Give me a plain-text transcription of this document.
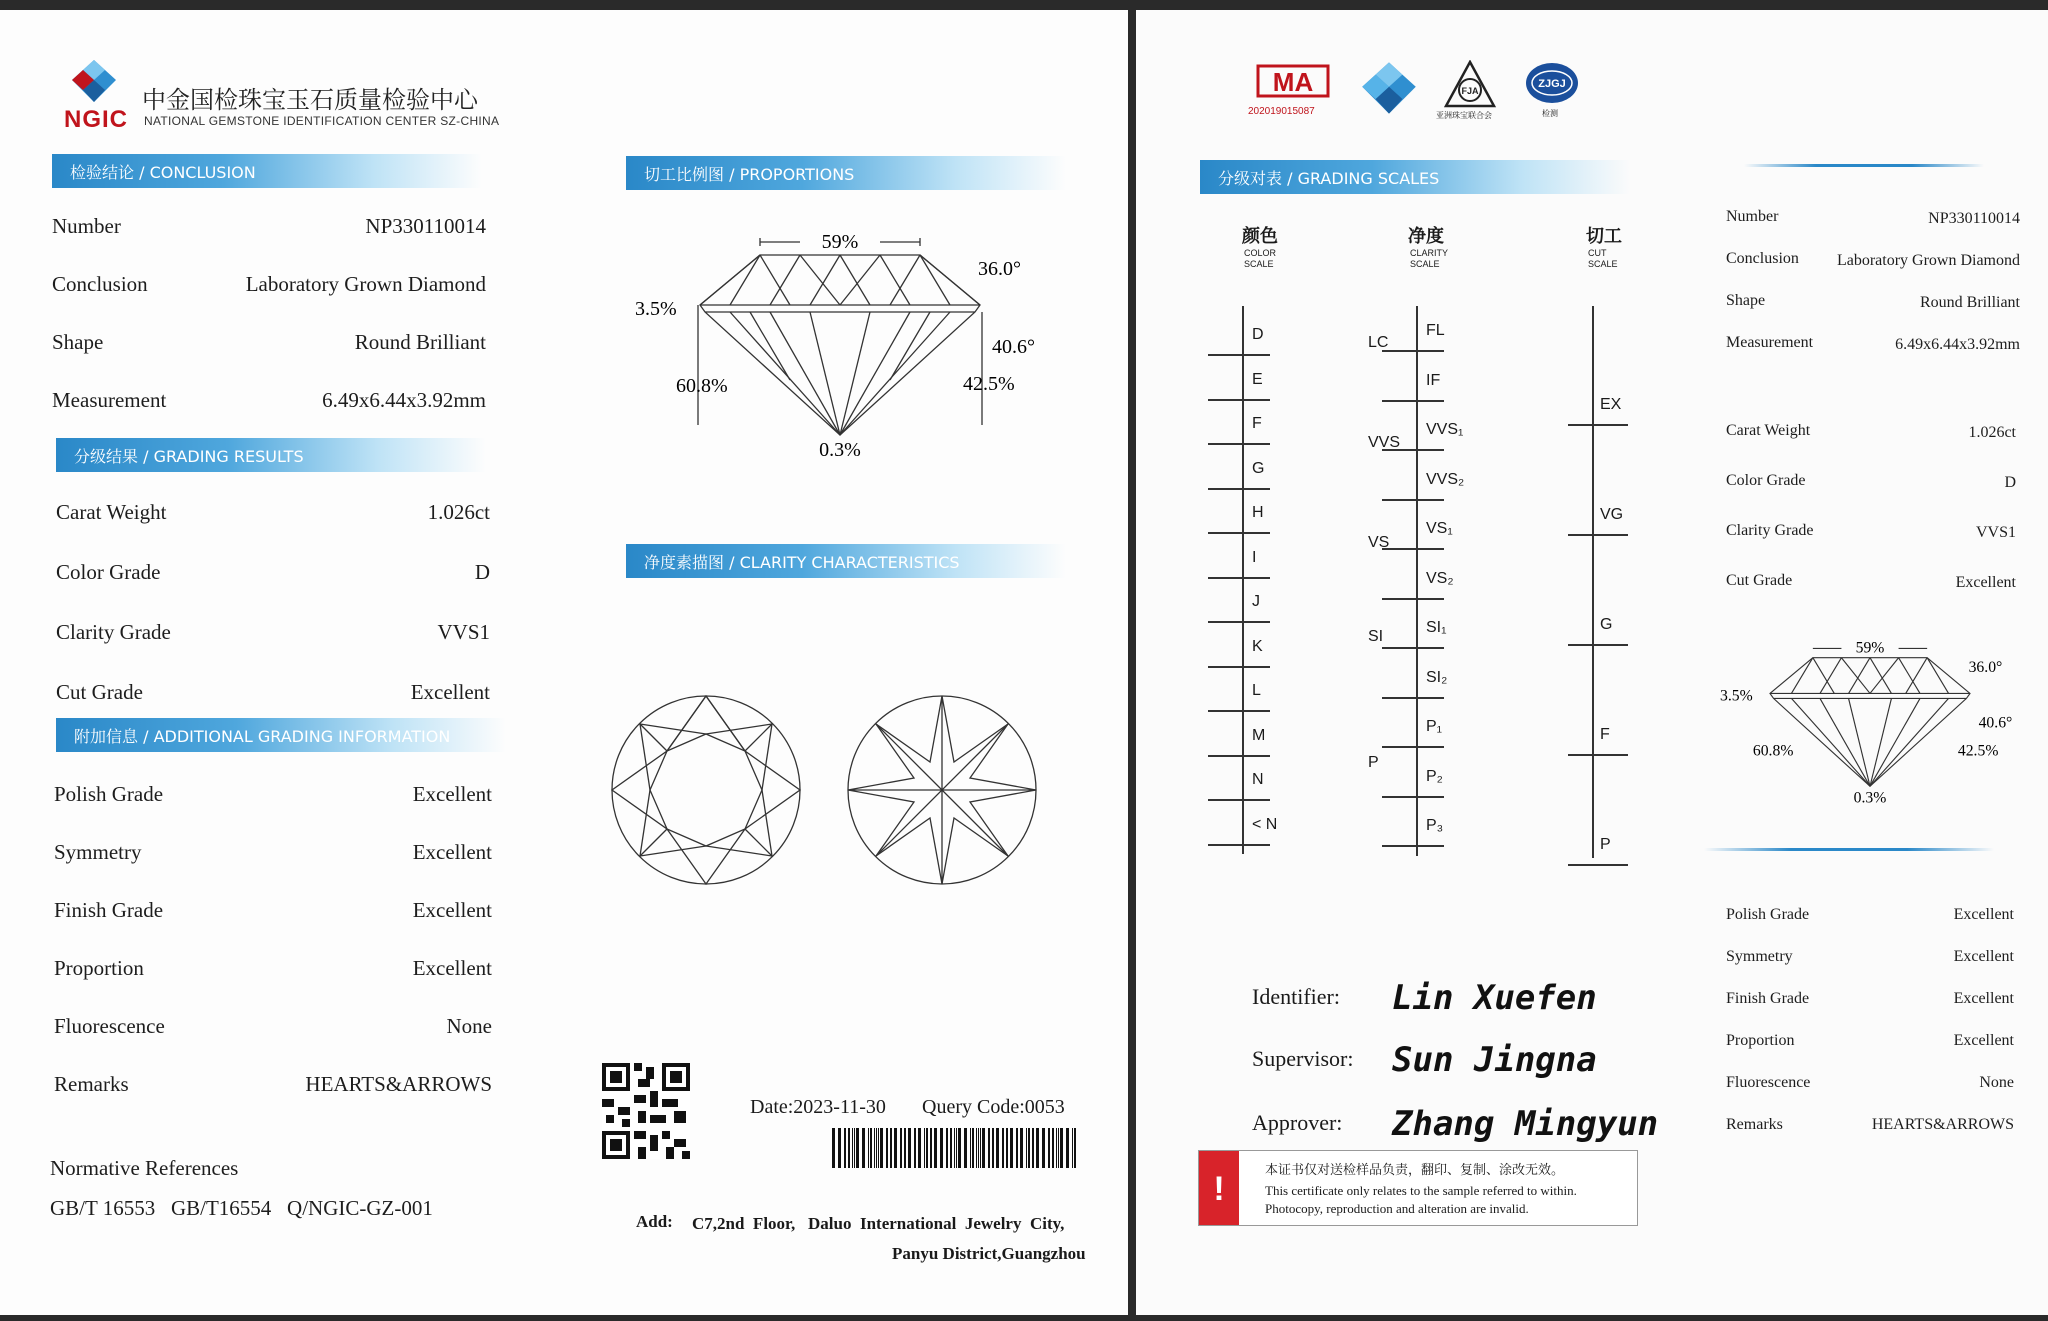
NGIC
中金国检珠宝玉石质量检验中心
NATIONAL GEMSTONE IDENTIFICATION CENTER SZ-CHINA
检验结论 / CONCLUSION
Number	NP330110014
Conclusion	Laboratory Grown Diamond
Shape	Round Brilliant
Measurement	6.49x6.44x3.92mm
分级结果 / GRADING RESULTS
Carat Weight	1.026ct
Color Grade	D
Clarity Grade	VVS1
Cut Grade	Excellent
附加信息 / ADDITIONAL GRADING INFORMATION
Polish Grade	Excellent
Symmetry	Excellent
Finish Grade	Excellent
Proportion	Excellent
Fluorescence	None
Remarks	HEARTS&ARROWS
Normative References
GB/T 16553   GB/T16554   Q/NGIC-GZ-001
切工比例图 / PROPORTIONS
59%
36.0°
3.5%
40.6°
60.8%	42.5%
0.3%
净度素描图 / CLARITY CHARACTERISTICS
Date:2023-11-30 Query Code:0053
Add: C7,2nd  Floor,   Daluo  International  Jewelry  City,
Panyu District,Guangzhou
MA
202019015087
FJA
亚洲珠宝联合会
ZJGJ
检测
分级对表 / GRADING SCALES
颜色
COLOR
SCALE
D
E
F
G
H
I
J
K
L
M
N
< N
净度
CLARITY
SCALE
FL
IF
VVS₁
VVS₂
VS₁
VS₂
SI₁
SI₂
P₁
P₂
P₃
LC
VVS
VS
SI
P
切工
CUT
SCALE
EX
VG
G
F
P
Identifier: Lin Xuefen
Supervisor: Sun Jingna
Approver: Zhang Mingyun
Number	NP330110014
Conclusion Laboratory Grown Diamond
Shape	Round Brilliant
Measurement	6.49x6.44x3.92mm
Carat Weight	1.026ct
Color Grade	D
Clarity Grade	VVS1
Cut Grade	Excellent
59%
36.0°
3.5%
40.6°
60.8%	42.5%
0.3%
Polish Grade	Excellent
Symmetry	Excellent
Finish Grade	Excellent
Proportion	Excellent
Fluorescence	None
Remarks	HEARTS&ARROWS
!	本证书仅对送检样品负责，翻印、复制、涂改无效。
This certificate only relates to the sample referred to within.
Photocopy, reproduction and alteration are invalid.
